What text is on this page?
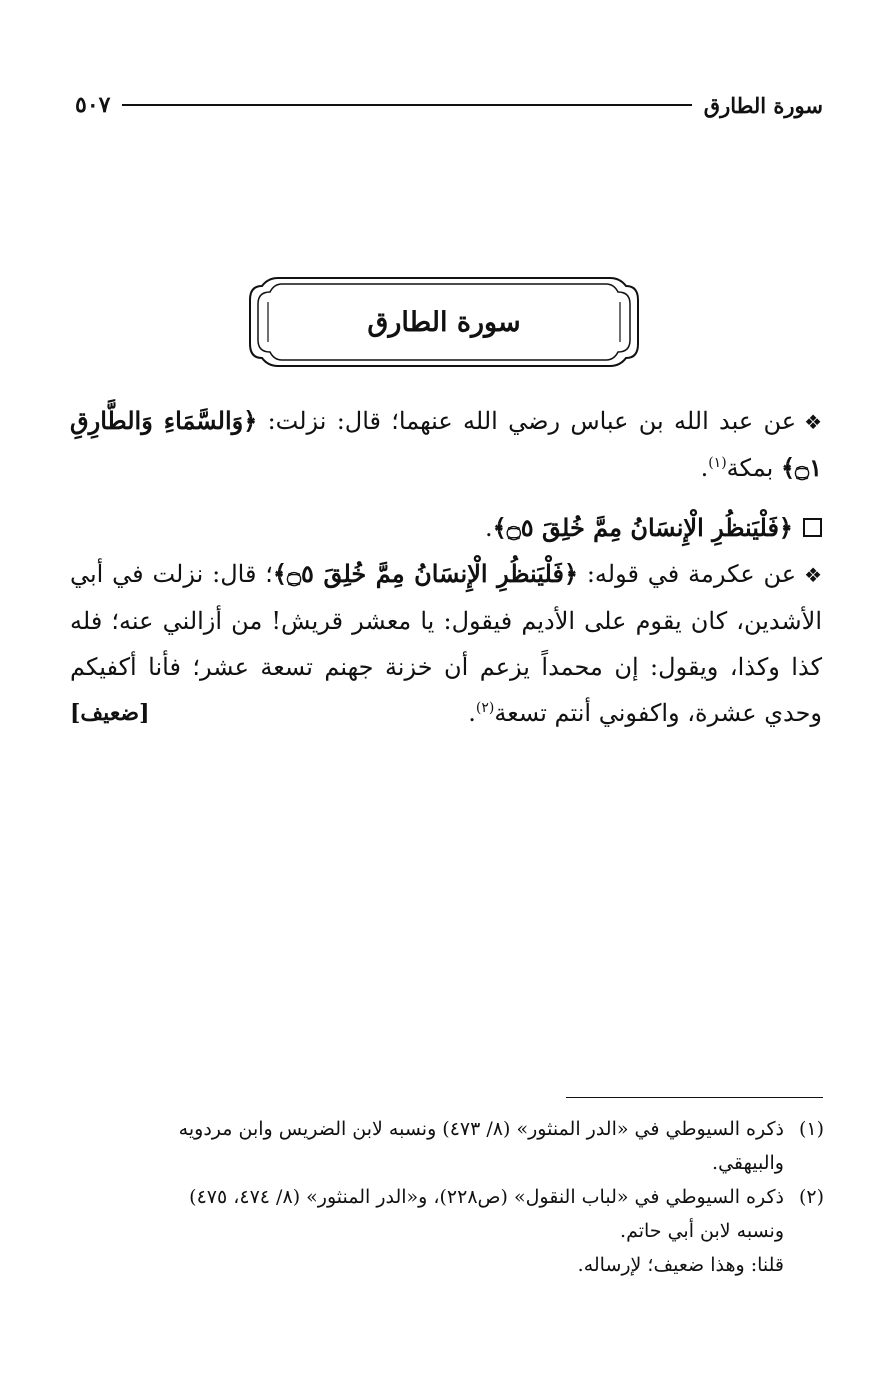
سورة الطارق
٥٠٧
سورة الطارق

❖عن عبد الله بن عباس رضي الله عنهما؛ قال: نزلت: ﴿وَالسَّمَاءِ وَالطَّارِقِ ۝١﴾ بمكة$^{(١)}$.

﴿فَلْيَنظُرِ الْإِنسَانُ مِمَّ خُلِقَ ۝٥﴾.

❖عن عكرمة في قوله: ﴿فَلْيَنظُرِ الْإِنسَانُ مِمَّ خُلِقَ ۝٥﴾؛ قال: نزلت في أبي الأشدين، كان يقوم على الأديم فيقول: يا معشر قريش! من أزالني عنه؛ فله كذا وكذا، ويقول: إن محمداً يزعم أن خزنة جهنم تسعة عشر؛ فأنا أكفيكم وحدي عشرة، واكفوني أنتم تسعة$^{(٢)}$.
[ضعيف]

(١)
ذكره السيوطي في «الدر المنثور» (٨/ ٤٧٣) ونسبه لابن الضريس وابن مردويه
والبيهقي.
(٢)
ذكره السيوطي في «لباب النقول» (ص٢٢٨)، و«الدر المنثور» (٨/ ٤٧٤، ٤٧٥)
ونسبه لابن أبي حاتم.
قلنا: وهذا ضعيف؛ لإرساله.
